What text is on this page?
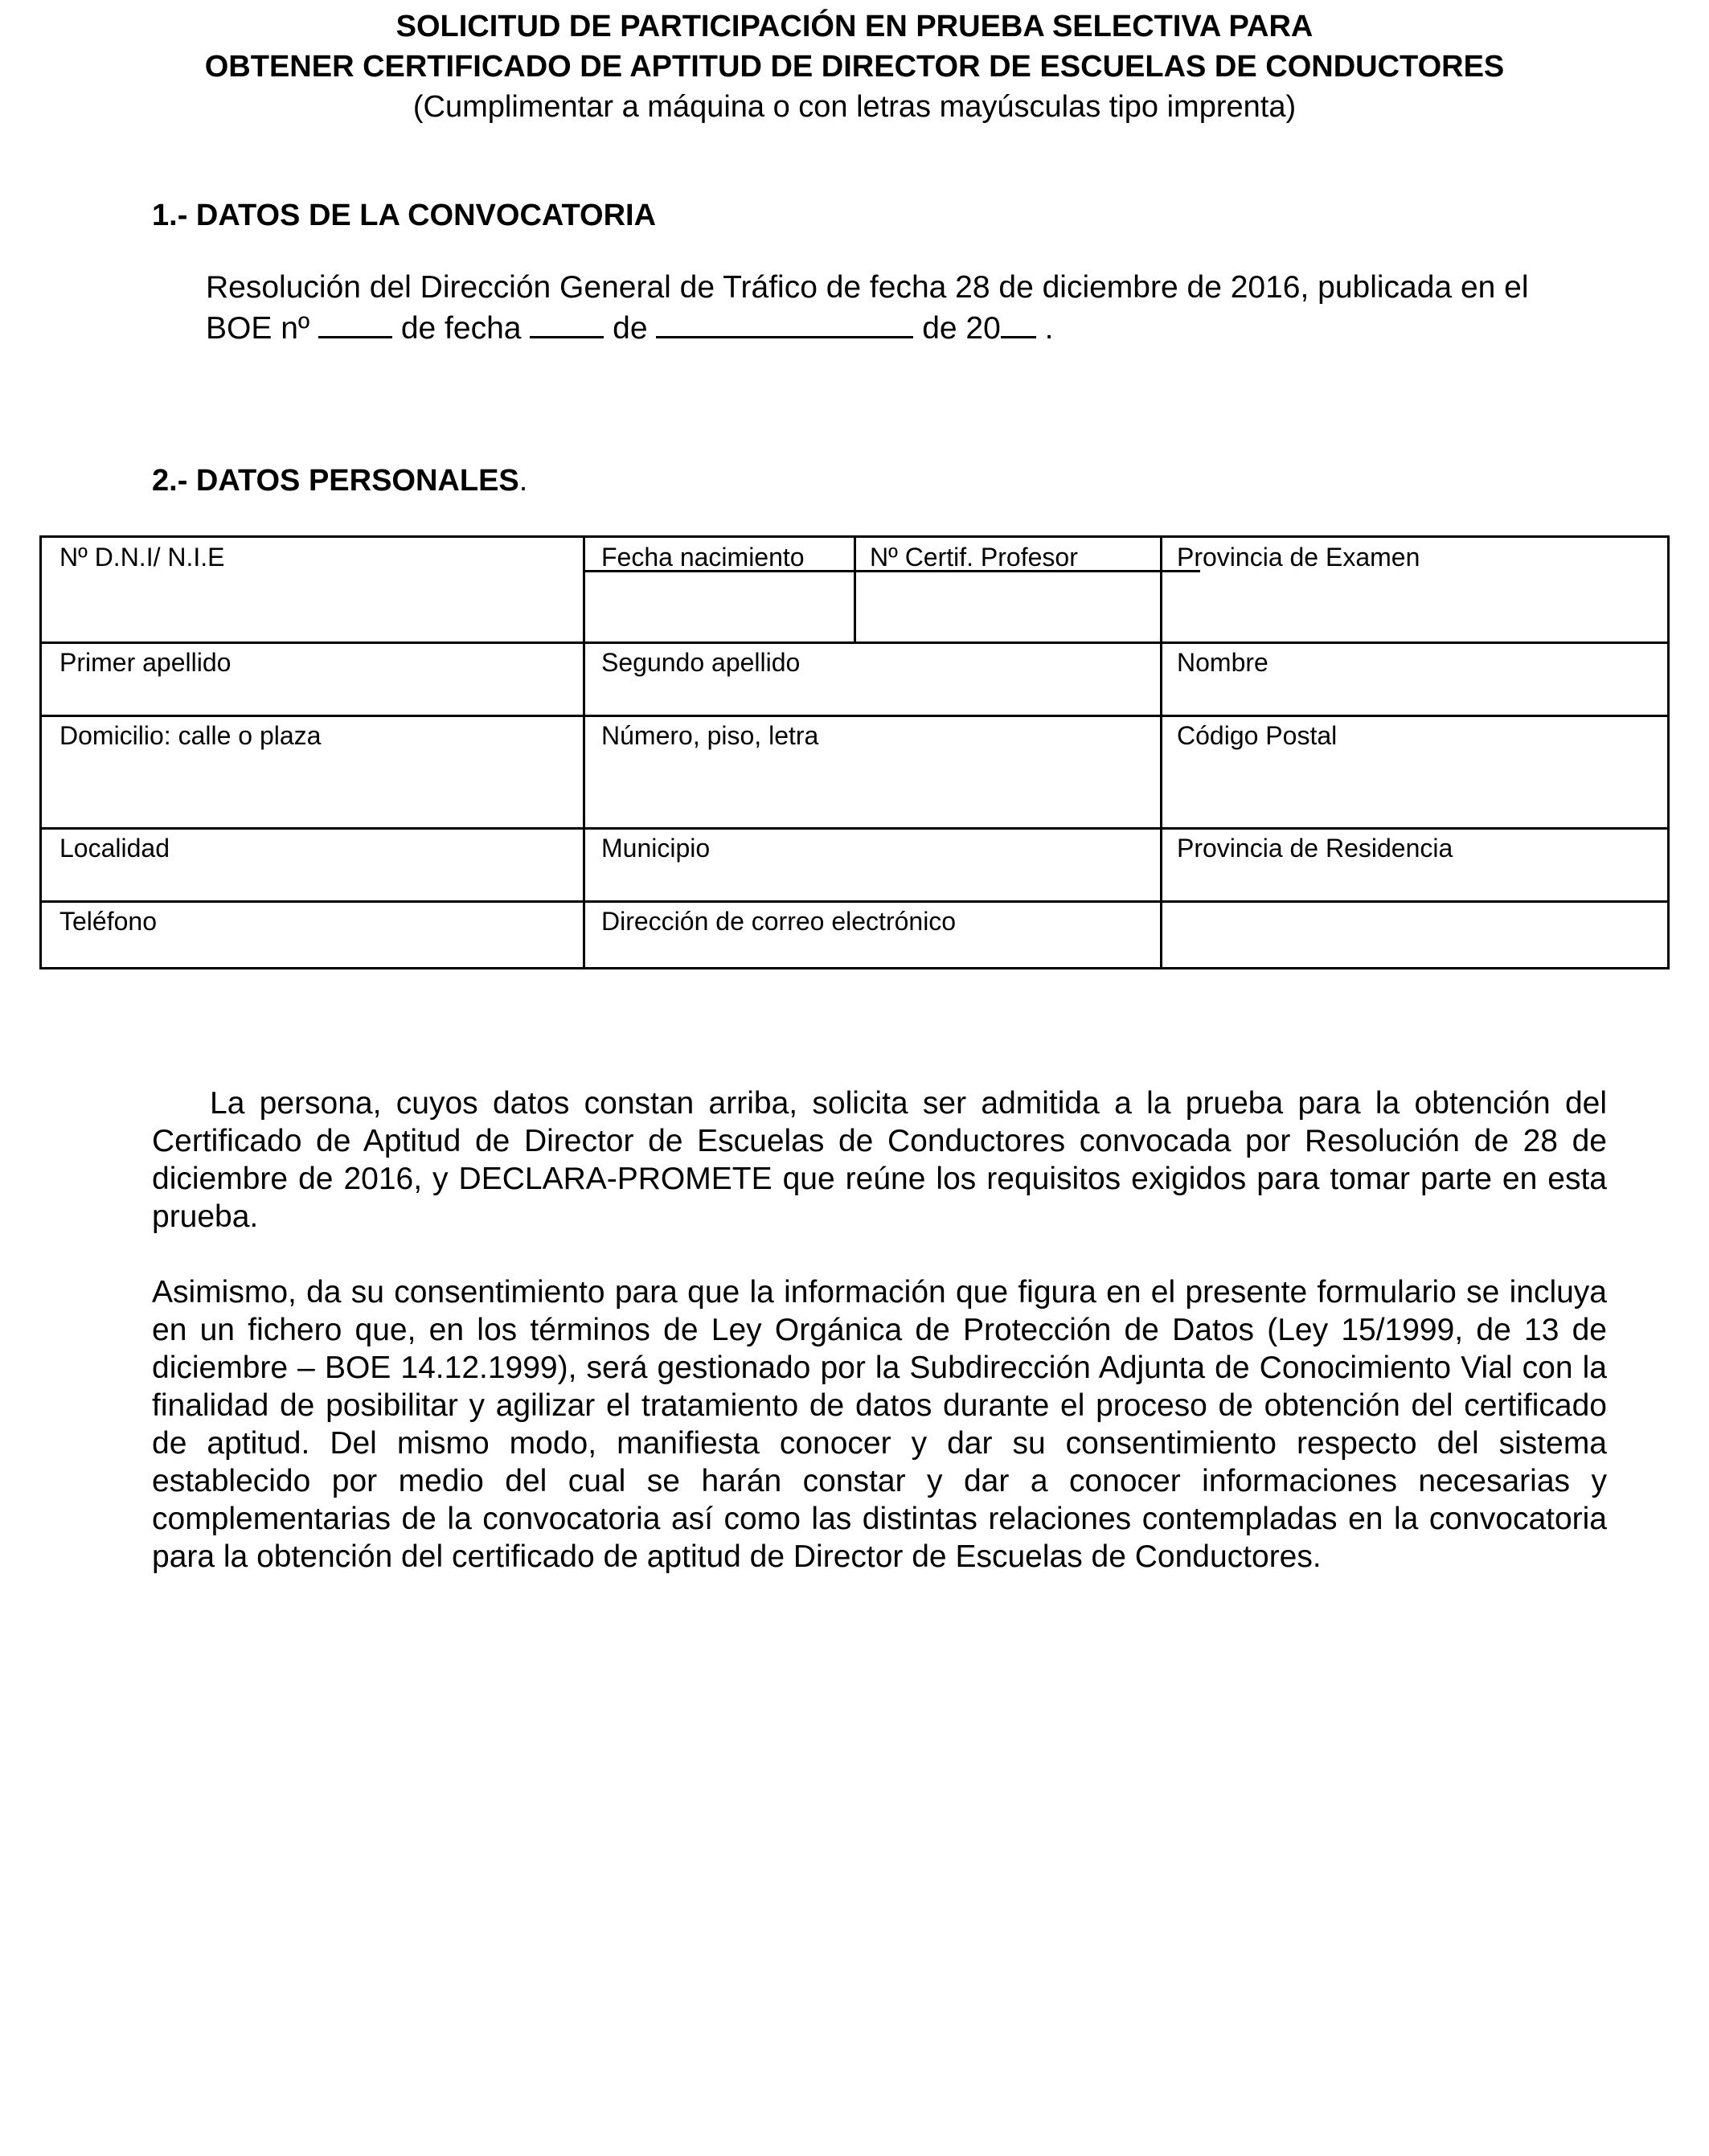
SOLICITUD DE PARTICIPACIÓN EN PRUEBA SELECTIVA PARA
OBTENER CERTIFICADO DE APTITUD DE DIRECTOR DE ESCUELAS DE CONDUCTORES
(Cumplimentar a máquina o con letras mayúsculas tipo imprenta)
1.- DATOS DE LA CONVOCATORIA
Resolución del Dirección General de Tráfico de fecha 28 de diciembre de 2016, publicada en el
BOE nº	de fecha	de	de 20 .
2.- DATOS PERSONALES.
Nº D.N.I/ N.I.E	Fecha nacimiento	Nº Certif. Profesor	Provincia de Examen
Primer apellido	Segundo apellido	Nombre
Domicilio: calle o plaza	Número, piso, letra	Código Postal
Localidad	Municipio	Provincia de Residencia
Teléfono	Dirección de correo electrónico
La persona, cuyos datos constan arriba, solicita ser admitida a la prueba para la obtención del Certificado de Aptitud de Director de Escuelas de Conductores convocada por Resolución de 28 de diciembre de 2016, y DECLARA-PROMETE que reúne los requisitos exigidos para tomar parte en esta prueba.
Asimismo, da su consentimiento para que la información que figura en el presente formulario se incluya en un fichero que, en los términos de Ley Orgánica de Protección de Datos (Ley 15/1999, de 13 de diciembre – BOE 14.12.1999), será gestionado por la Subdirección Adjunta de Conocimiento Vial con la finalidad de posibilitar y agilizar el tratamiento de datos durante el proceso de obtención del certificado de aptitud. Del mismo modo, manifiesta conocer y dar su consentimiento respecto del sistema establecido por medio del cual se harán constar y dar a conocer informaciones necesarias y complementarias de la convocatoria así como las distintas relaciones contempladas en la convocatoria para la obtención del certificado de aptitud de Director de Escuelas de Conductores.
